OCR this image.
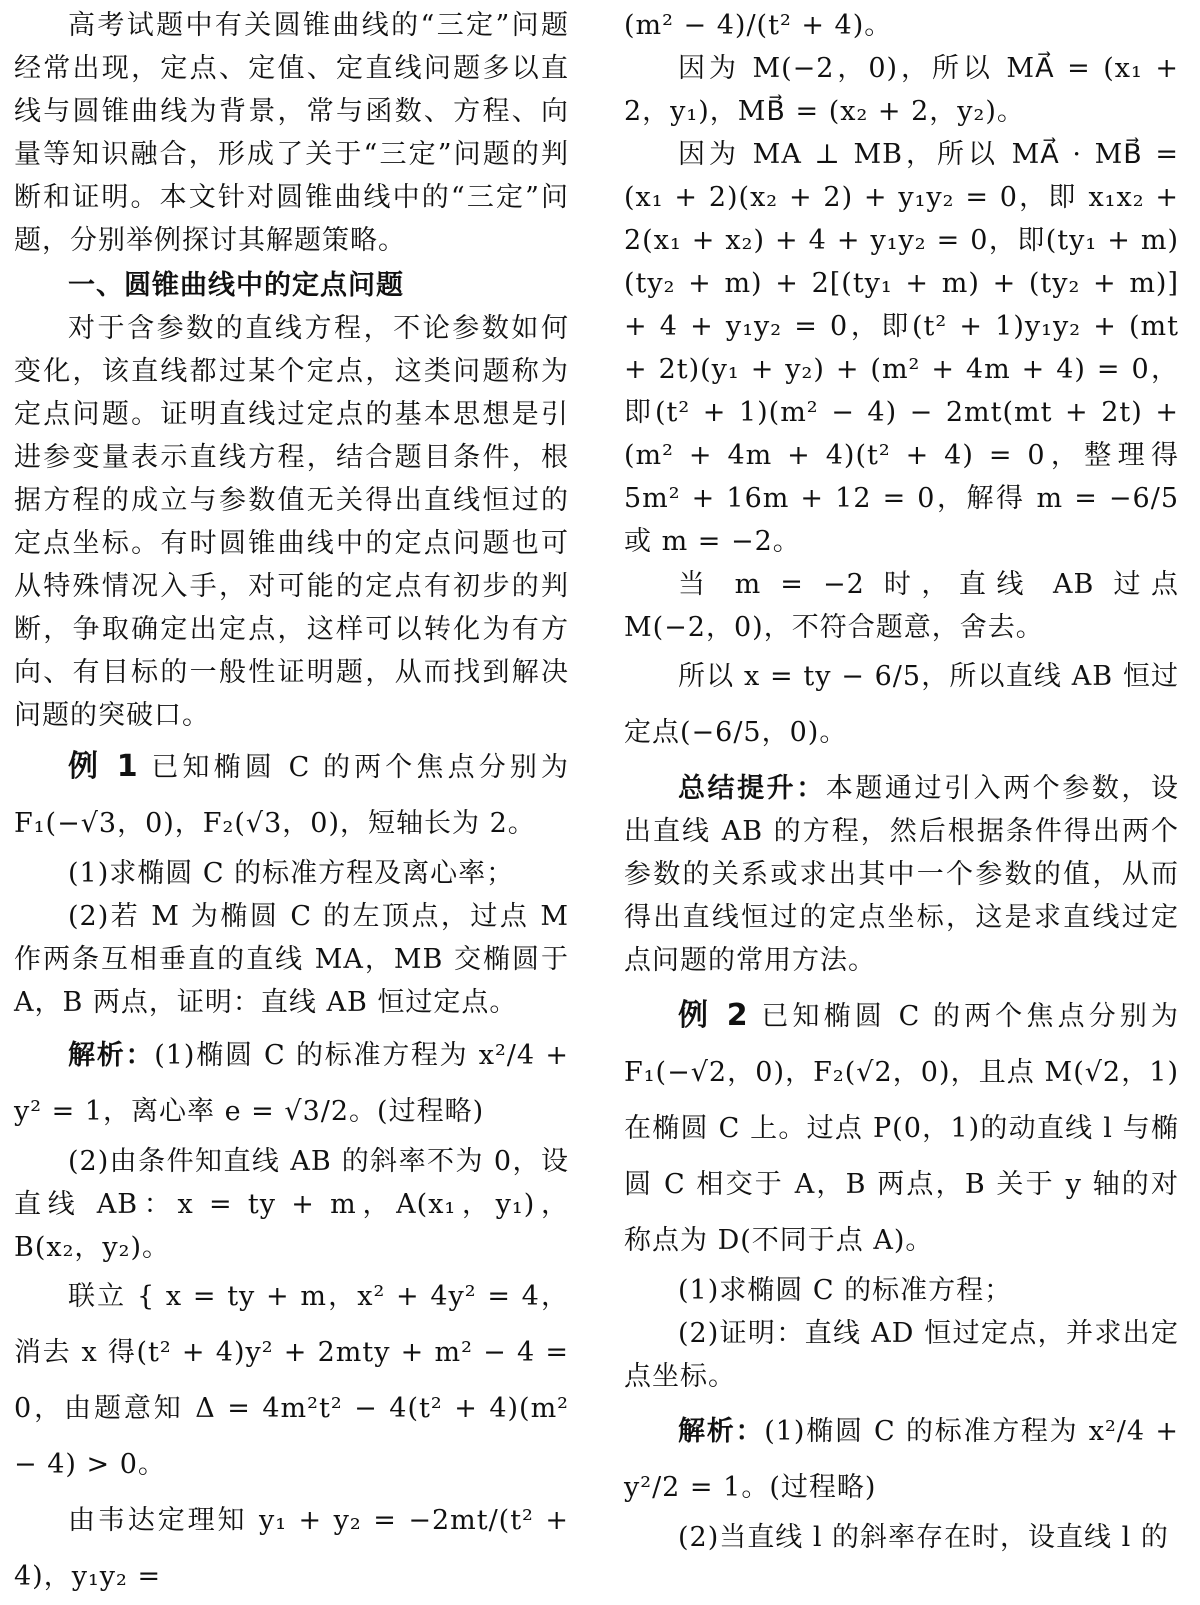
高考试题中有关圆锥曲线的“三定”问题经常出现，定点、定值、定直线问题多以直线与圆锥曲线为背景，常与函数、方程、向量等知识融合，形成了关于“三定”问题的判断和证明。本文针对圆锥曲线中的“三定”问题，分别举例探讨其解题策略。

一、圆锥曲线中的定点问题

对于含参数的直线方程，不论参数如何变化，该直线都过某个定点，这类问题称为定点问题。证明直线过定点的基本思想是引进参变量表示直线方程，结合题目条件，根据方程的成立与参数值无关得出直线恒过的定点坐标。有时圆锥曲线中的定点问题也可从特殊情况入手，对可能的定点有初步的判断，争取确定出定点，这样可以转化为有方向、有目标的一般性证明题，从而找到解决问题的突破口。

例 1 已知椭圆 C 的两个焦点分别为 F₁(−√3，0)，F₂(√3，0)，短轴长为 2。

(1)求椭圆 C 的标准方程及离心率；

(2)若 M 为椭圆 C 的左顶点，过点 M 作两条互相垂直的直线 MA，MB 交椭圆于 A，B 两点，证明：直线 AB 恒过定点。

解析：(1)椭圆 C 的标准方程为 x²/4 + y² = 1，离心率 e = √3/2。(过程略)

(2)由条件知直线 AB 的斜率不为 0，设直线 AB：x = ty + m，A(x₁，y₁)，B(x₂，y₂)。

联立 { x = ty + m，x² + 4y² = 4， 消去 x 得(t² + 4)y² + 2mty + m² − 4 = 0，由题意知 Δ = 4m²t² − 4(t² + 4)(m² − 4) > 0。

由韦达定理知 y₁ + y₂ = −2mt/(t² + 4)，y₁y₂ =

(m² − 4)/(t² + 4)。

因为 M(−2，0)，所以 MA⃗ = (x₁ + 2，y₁)，MB⃗ = (x₂ + 2，y₂)。

因为 MA ⊥ MB，所以 MA⃗ · MB⃗ = (x₁ + 2)(x₂ + 2) + y₁y₂ = 0，即 x₁x₂ + 2(x₁ + x₂) + 4 + y₁y₂ = 0，即(ty₁ + m)(ty₂ + m) + 2[(ty₁ + m) + (ty₂ + m)] + 4 + y₁y₂ = 0，即(t² + 1)y₁y₂ + (mt + 2t)(y₁ + y₂) + (m² + 4m + 4) = 0，即(t² + 1)(m² − 4) − 2mt(mt + 2t) + (m² + 4m + 4)(t² + 4) = 0，整理得 5m² + 16m + 12 = 0，解得 m = −6/5 或 m = −2。

当 m = −2 时，直线 AB 过点 M(−2，0)，不符合题意，舍去。

所以 x = ty − 6/5，所以直线 AB 恒过定点(−6/5，0)。

总结提升：本题通过引入两个参数，设出直线 AB 的方程，然后根据条件得出两个参数的关系或求出其中一个参数的值，从而得出直线恒过的定点坐标，这是求直线过定点问题的常用方法。

例 2 已知椭圆 C 的两个焦点分别为 F₁(−√2，0)，F₂(√2，0)，且点 M(√2，1)在椭圆 C 上。过点 P(0，1)的动直线 l 与椭圆 C 相交于 A，B 两点，B 关于 y 轴的对称点为 D(不同于点 A)。

(1)求椭圆 C 的标准方程；

(2)证明：直线 AD 恒过定点，并求出定点坐标。

解析：(1)椭圆 C 的标准方程为 x²/4 + y²/2 = 1。(过程略)

(2)当直线 l 的斜率存在时，设直线 l 的
